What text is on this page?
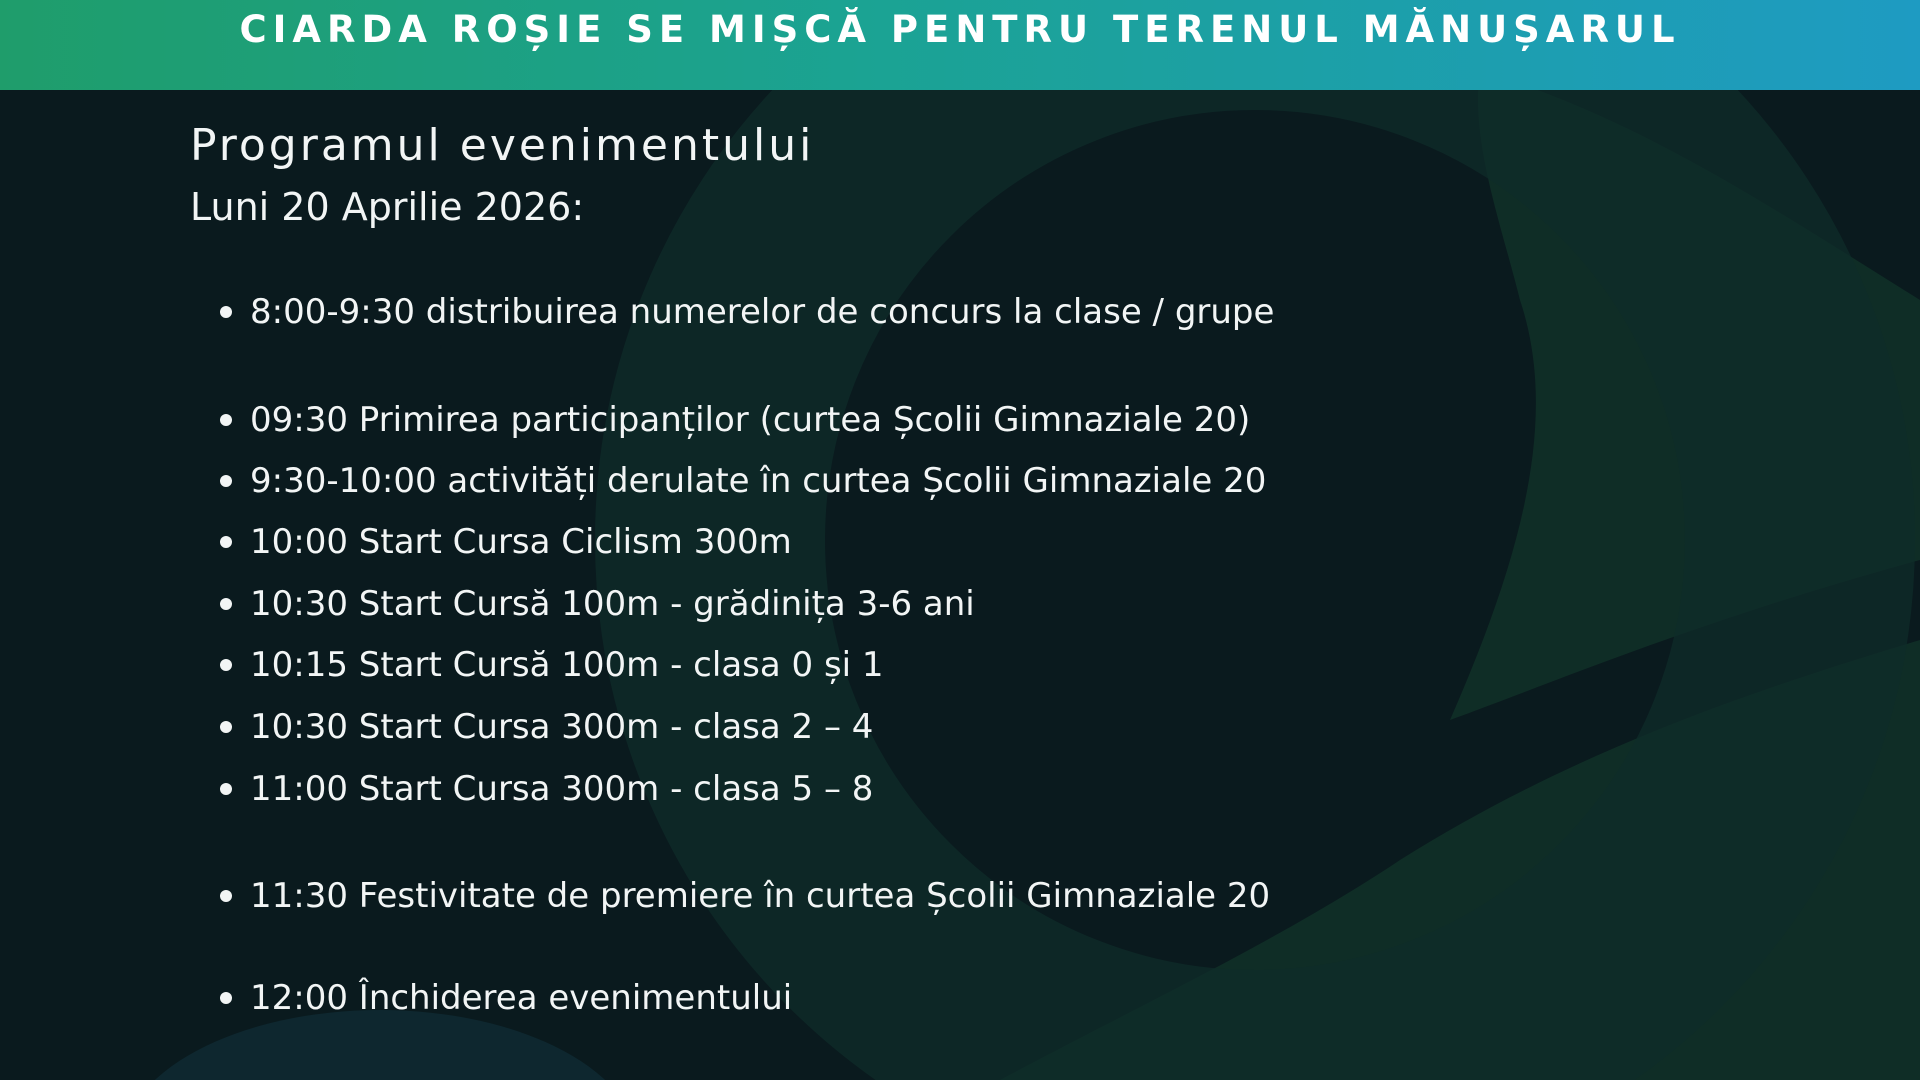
CIARDA ROȘIE SE MIȘCĂ PENTRU TERENUL MĂNUȘARUL
Programul evenimentului
Luni 20 Aprilie 2026:
8:00-9:30 distribuirea numerelor de concurs la clase / grupe
09:30 Primirea participanților (curtea Școlii Gimnaziale 20)
9:30-10:00 activități derulate în curtea Școlii Gimnaziale 20
10:00 Start Cursa Ciclism 300m
10:30 Start Cursă 100m - grădinița 3-6 ani
10:15 Start Cursă 100m - clasa 0 și 1
10:30 Start Cursa 300m - clasa 2 – 4
11:00 Start Cursa 300m - clasa 5 – 8
11:30 Festivitate de premiere în curtea Școlii Gimnaziale 20
12:00 Închiderea evenimentului
